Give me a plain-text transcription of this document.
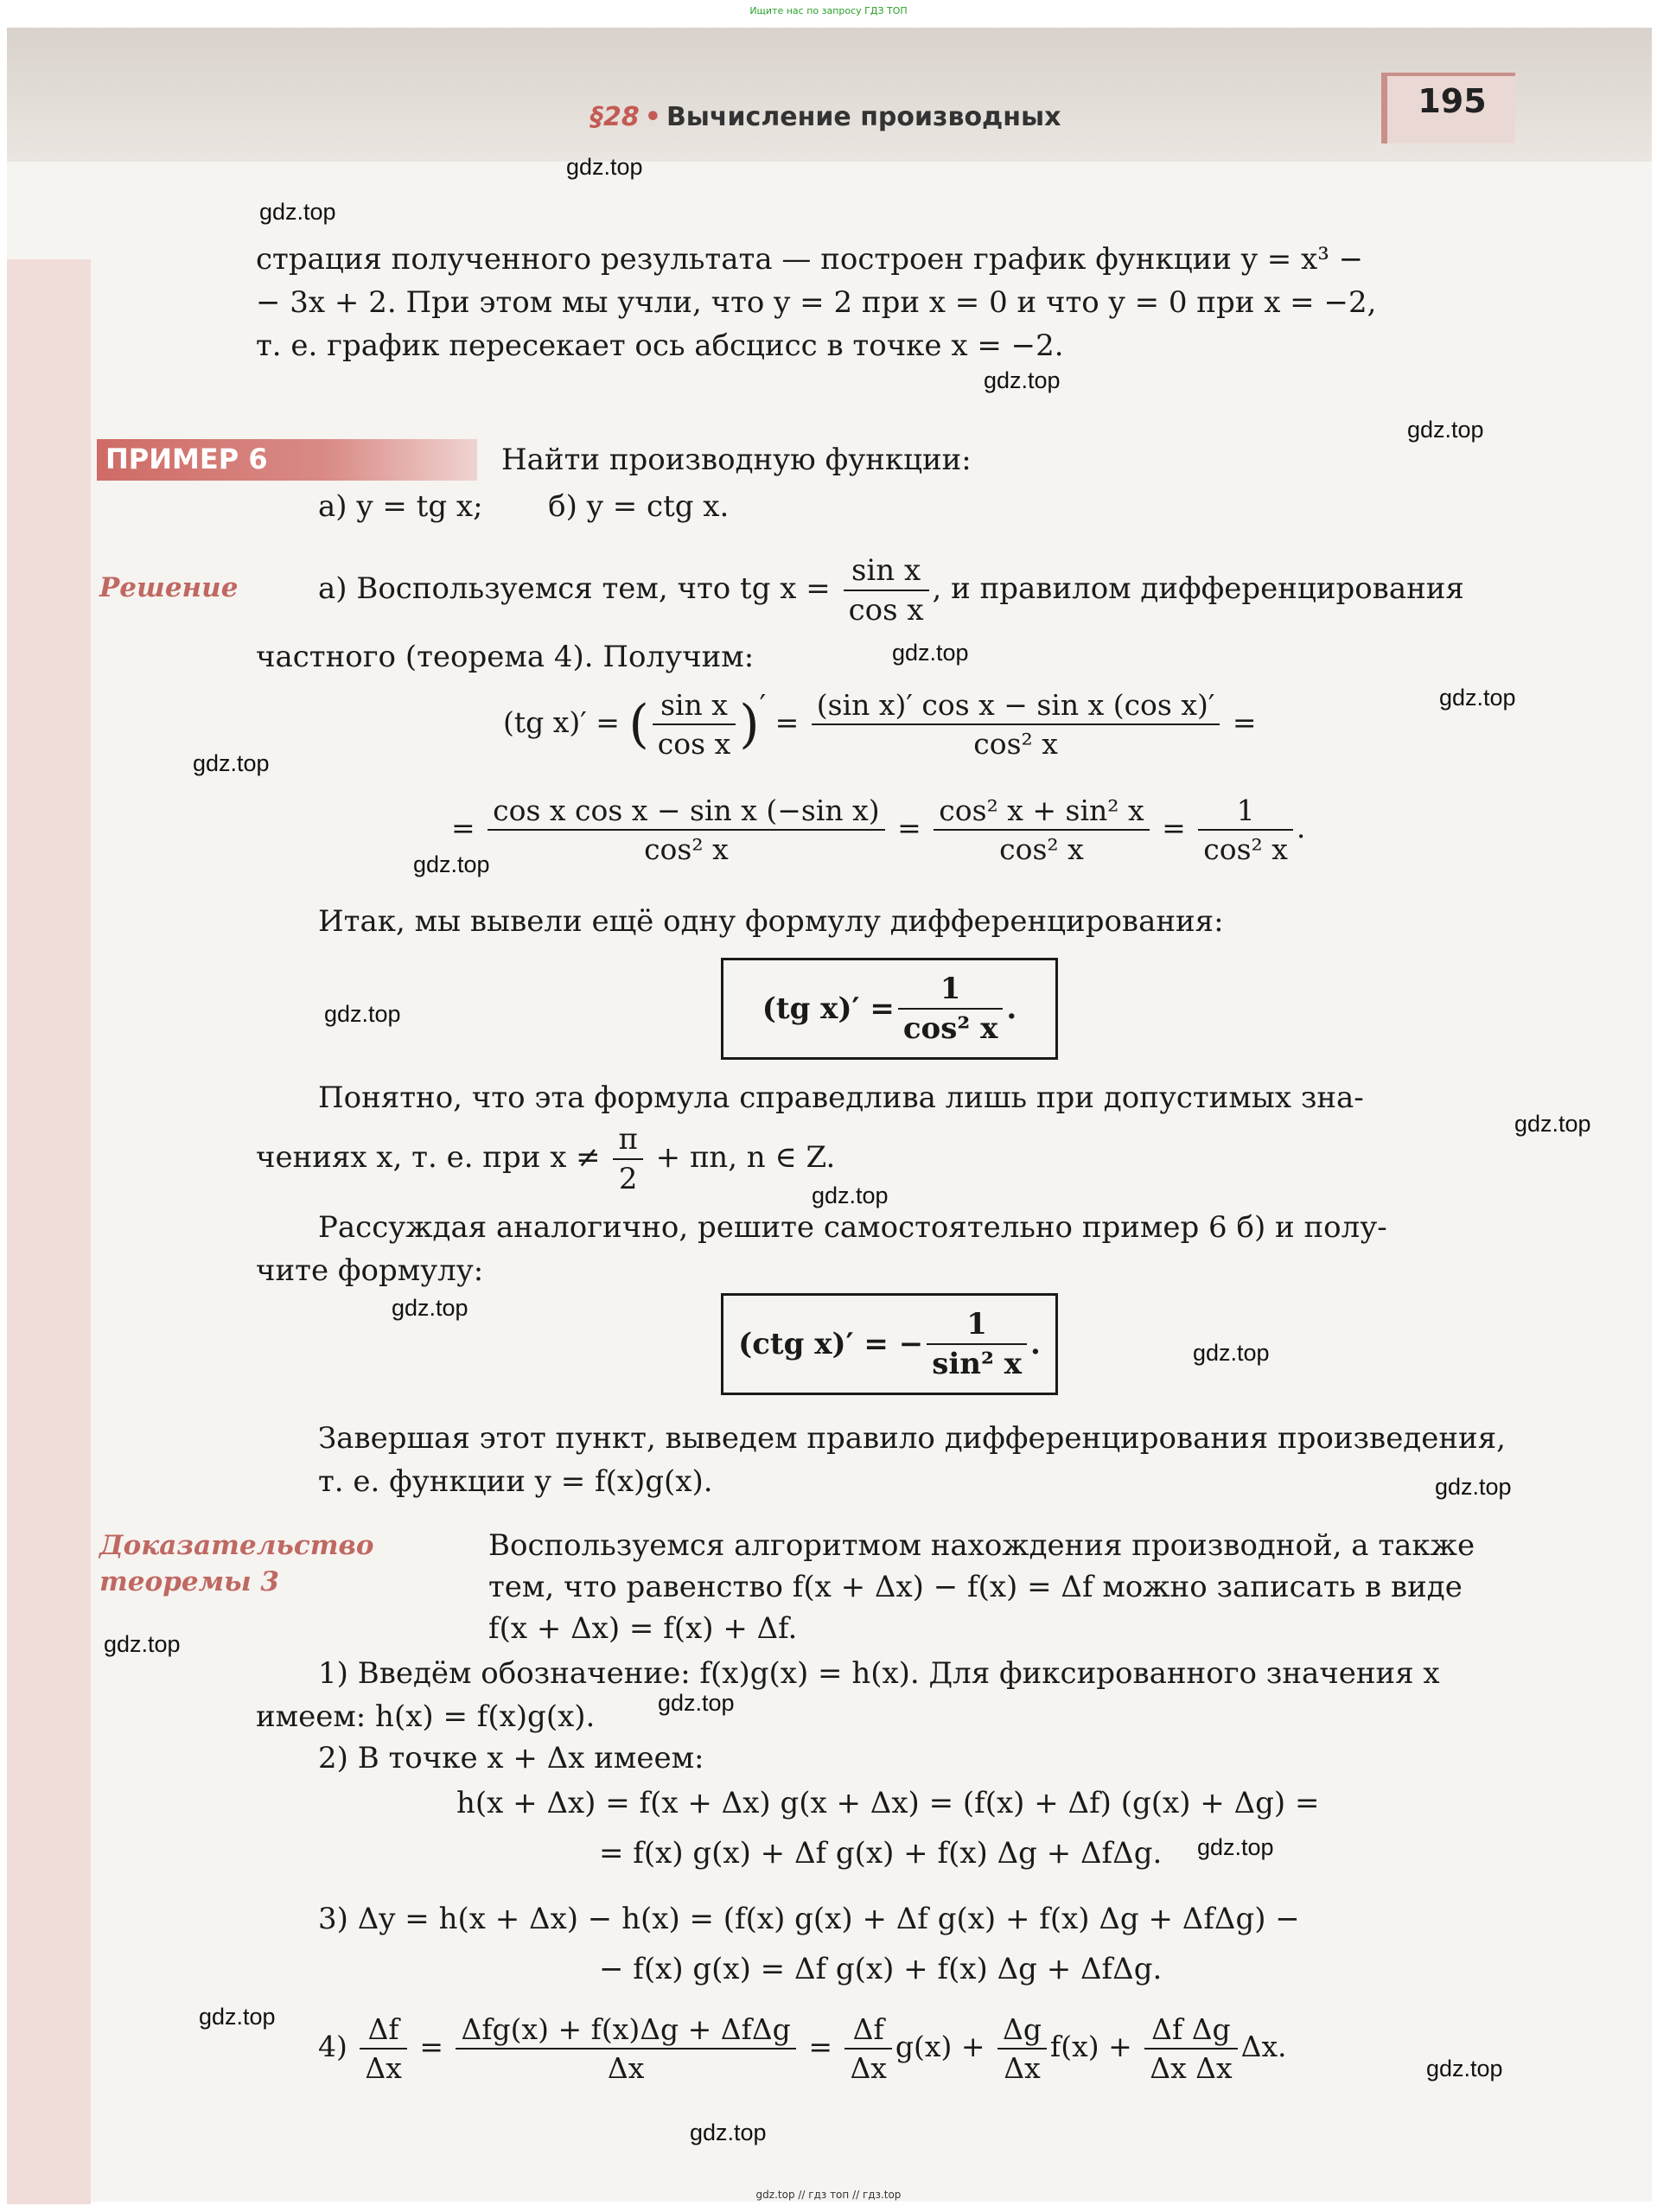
Ищите нас по запросу ГДЗ ТОП
§28 • Вычисление производных	195
gdz.top
gdz.top
gdz.top
gdz.top
gdz.top
gdz.top
gdz.top
gdz.top
gdz.top
gdz.top
gdz.top
gdz.top
gdz.top
gdz.top
gdz.top
gdz.top
gdz.top
gdz.top
gdz.top
gdz.top
страция полученного результата — построен график функции y = x³ −
− 3x + 2. При этом мы учли, что y = 2 при x = 0 и что y = 0 при x = −2,
т. е. график пересекает ось абсцисс в точке x = −2.
ПРИМЕР 6	Найти производную функции:
а) y = tg x;       б) y = ctg x.
Решение	а) Воспользуемся тем, что tg $x = \frac{\text{sin x}}{\text{cos x}}$ , и правилом дифференцирования
частного (теорема 4). Получим:
(tg x)′ = ( $\frac{\text{sin x}}{\text{cos x}}$ )′ = $\frac{\text{(sin x)′ cos x − sin x (cos x)′}}{\text{cos² x}}$ =
= $\frac{\text{cos x cos x − sin x (−sin x)}}{\text{cos² x}} = \frac{\text{cos² x + sin² x}}{\text{cos² x}} = \frac{1}{\text{cos² x}}$ .
Итак, мы вывели ещё одну формулу дифференцирования:
(tg $x)' = \frac{1}{\text{cos² x}}$ .
Понятно, что эта формула справедлива лишь при допустимых зна-
чениях x, т. е. при $x \ne \frac{\pi}{2} + \pi n$, n ∈ Z.
Рассуждая аналогично, решите самостоятельно пример 6 б) и полу-
чите формулу:
(ctg x)′ = − $\frac{1}{\text{sin² x}}$ .
Завершая этот пункт, выведем правило дифференцирования произведения,
т. е. функции y = f(x)g(x).
Доказательство
теоремы 3
Воспользуемся алгоритмом нахождения производной, а также
тем, что равенство f(x + Δx) − f(x) = Δf можно записать в виде
f(x + Δx) = f(x) + Δf.
1) Введём обозначение: f(x)g(x) = h(x). Для фиксированного значения x
имеем: h(x) = f(x)g(x).
2) В точке x + Δx имеем:
h(x + Δx) = f(x + Δx) g(x + Δx) = (f(x) + Δf) (g(x) + Δg) =
= f(x) g(x) + Δf g(x) + f(x) Δg + ΔfΔg.
3) Δy = h(x + Δx) − h(x) = (f(x) g(x) + Δf g(x) + f(x) Δg + ΔfΔg) −
− f(x) g(x) = Δf g(x) + f(x) Δg + ΔfΔg.
$4) \frac{\Delta f}{\Delta x} = \frac{\text{Δfg(x) + f(x)Δg + ΔfΔg}}{\Delta x} = \frac{\Delta f}{\Delta x} g(x) + \frac{\Delta g}{\Delta x} f(x) + \frac{\text{Δf Δg}}{\text{Δx Δx}} \Delta x$.
gdz.top // гдз топ // гдз.top
